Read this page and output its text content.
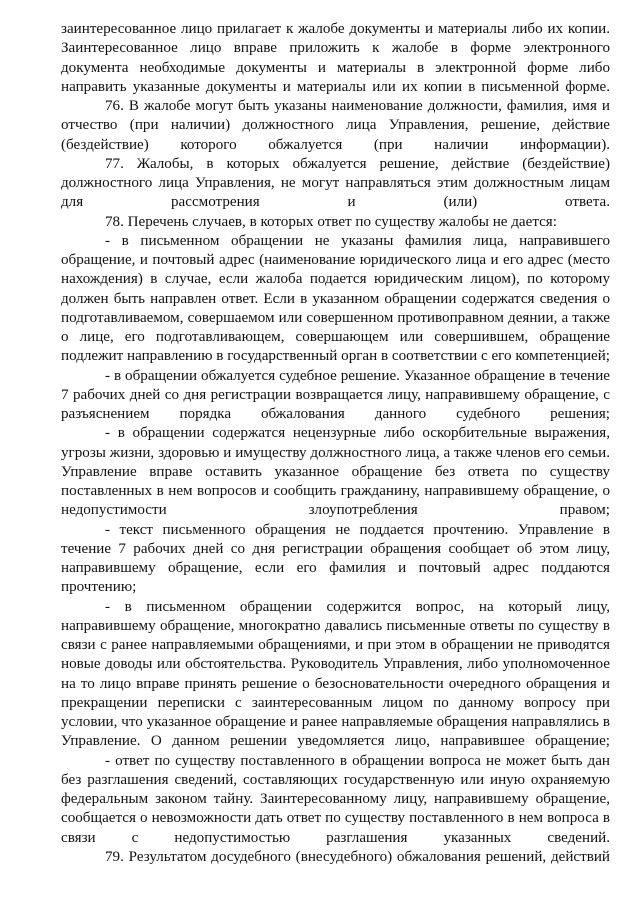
заинтересованное лицо прилагает к жалобе документы и материалы либо их копии. Заинтересованное лицо вправе приложить к жалобе в форме электронного документа необходимые документы и материалы в электронной форме либо направить указанные документы и материалы или их копии в письменной форме.

76. В жалобе могут быть указаны наименование должности, фамилия, имя и отчество (при наличии) должностного лица Управления, решение, действие (бездействие) которого обжалуется (при наличии информации).

77. Жалобы, в которых обжалуется решение, действие (бездействие) должностного лица Управления, не могут направляться этим должностным лицам для рассмотрения и (или) ответа.

78. Перечень случаев, в которых ответ по существу жалобы не дается:

- в письменном обращении не указаны фамилия лица, направившего обращение, и почтовый адрес (наименование юридического лица и его адрес (место нахождения) в случае, если жалоба подается юридическим лицом), по которому должен быть направлен ответ. Если в указанном обращении содержатся сведения о подготавливаемом, совершаемом или совершенном противоправном деянии, а также о лице, его подготавливающем, совершающем или совершившем, обращение подлежит направлению в государственный орган в соответствии с его компетенцией;

- в обращении обжалуется судебное решение. Указанное обращение в течение 7 рабочих дней со дня регистрации возвращается лицу, направившему обращение, с разъяснением порядка обжалования данного судебного решения;

- в обращении содержатся нецензурные либо оскорбительные выражения, угрозы жизни, здоровью и имуществу должностного лица, а также членов его семьи. Управление вправе оставить указанное обращение без ответа по существу поставленных в нем вопросов и сообщить гражданину, направившему обращение, о недопустимости злоупотребления правом;

- текст письменного обращения не поддается прочтению. Управление в течение 7 рабочих дней со дня регистрации обращения сообщает об этом лицу, направившему обращение, если его фамилия и почтовый адрес поддаются прочтению;

- в письменном обращении содержится вопрос, на который лицу, направившему обращение, многократно давались письменные ответы по существу в связи с ранее направляемыми обращениями, и при этом в обращении не приводятся новые доводы или обстоятельства. Руководитель Управления, либо уполномоченное на то лицо вправе принять решение о безосновательности очередного обращения и прекращении переписки с заинтересованным лицом по данному вопросу при условии, что указанное обращение и ранее направляемые обращения направлялись в Управление. О данном решении уведомляется лицо, направившее обращение;

- ответ по существу поставленного в обращении вопроса не может быть дан без разглашения сведений, составляющих государственную или иную охраняемую федеральным законом тайну. Заинтересованному лицу, направившему обращение, сообщается о невозможности дать ответ по существу поставленного в нем вопроса в связи с недопустимостью разглашения указанных сведений.

79. Результатом досудебного (внесудебного) обжалования решений, действий
